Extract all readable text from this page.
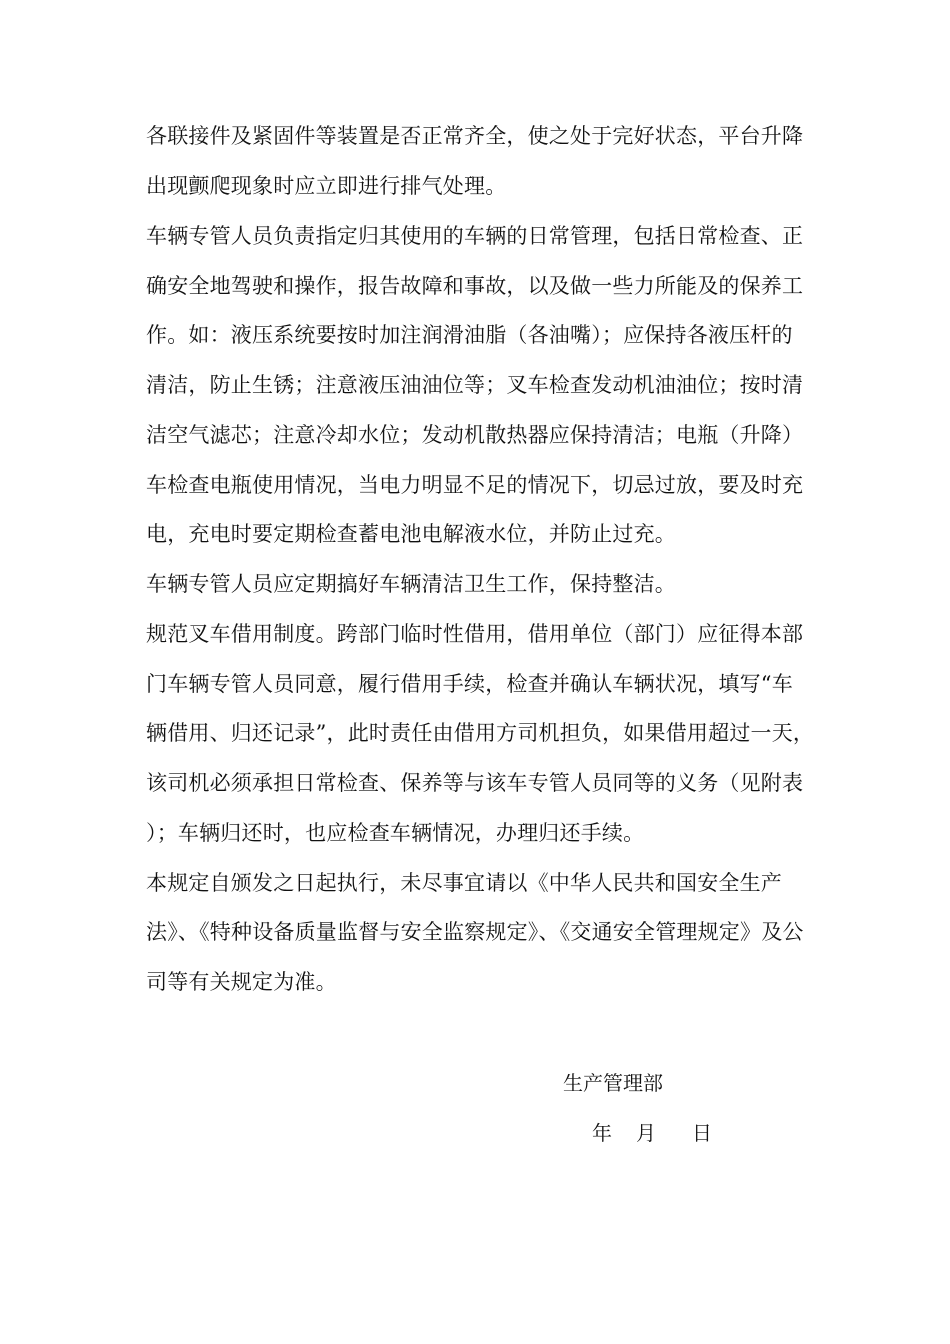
各联接件及紧固件等装置是否正常齐全，使之处于完好状态，平台升降
出现颤爬现象时应立即进行排气处理。
车辆专管人员负责指定归其使用的车辆的日常管理，包括日常检查、正
确安全地驾驶和操作，报告故障和事故，以及做一些力所能及的保养工
作。如：液压系统要按时加注润滑油脂（各油嘴）；应保持各液压杆的
清洁，防止生锈；注意液压油油位等；叉车检查发动机油油位；按时清
洁空气滤芯；注意冷却水位；发动机散热器应保持清洁；电瓶（升降）
车检查电瓶使用情况，当电力明显不足的情况下，切忌过放，要及时充
电，充电时要定期检查蓄电池电解液水位，并防止过充。
车辆专管人员应定期搞好车辆清洁卫生工作，保持整洁。
规范叉车借用制度。跨部门临时性借用，借用单位（部门）应征得本部
门车辆专管人员同意，履行借用手续，检查并确认车辆状况，填写“车
辆借用、归还记录”，此时责任由借用方司机担负，如果借用超过一天，
该司机必须承担日常检查、保养等与该车专管人员同等的义务（见附表
）；车辆归还时，也应检查车辆情况，办理归还手续。
本规定自颁发之日起执行，未尽事宜请以《中华人民共和国安全生产
法》、《特种设备质量监督与安全监察规定》、《交通安全管理规定》及公
司等有关规定为准。
生产管理部
年 月 日
